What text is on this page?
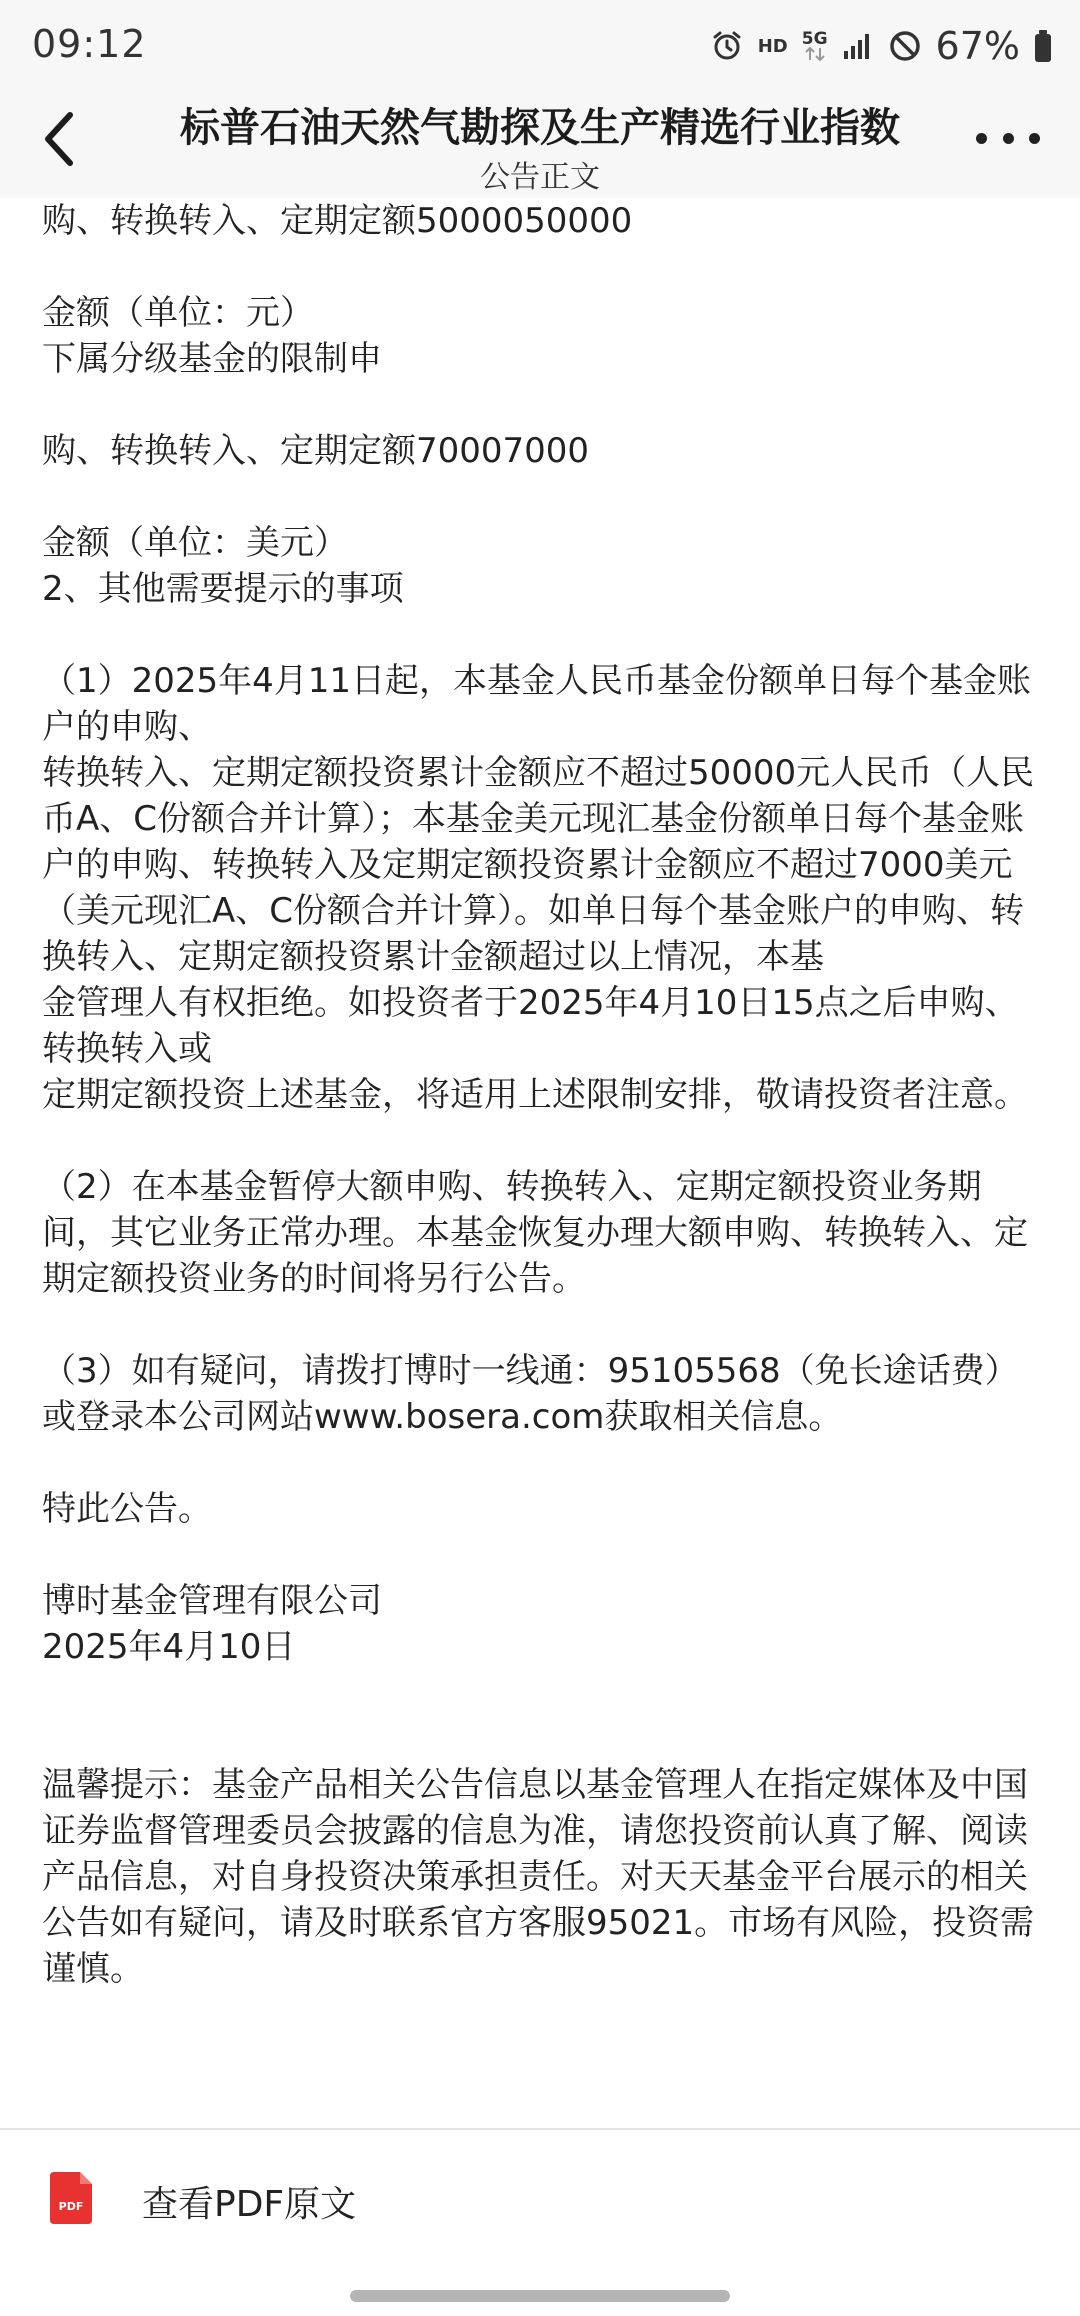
09:12	HD 5G	67%
标普石油天然气勘探及生产精选行业指数
公告正文

购、转换转入、定期定额5000050000

金额（单位：元）

下属分级基金的限制申

购、转换转入、定期定额70007000

金额（单位：美元）

2、其他需要提示的事项

（1）2025年4月11日起，本基金人民币基金份额单日每个基金账户的申购、

转换转入、定期定额投资累计金额应不超过50000元人民币（人民币A、C份额合并计算）；本基金美元现汇基金份额单日每个基金账户的申购、转换转入及定期定额投资累计金额应不超过7000美元（美元现汇A、C份额合并计算）。如单日每个基金账户的申购、转换转入、定期定额投资累计金额超过以上情况，本基

金管理人有权拒绝。如投资者于2025年4月10日15点之后申购、转换转入或

定期定额投资上述基金，将适用上述限制安排，敬请投资者注意。

（2）在本基金暂停大额申购、转换转入、定期定额投资业务期间，其它业务正常办理。本基金恢复办理大额申购、转换转入、定期定额投资业务的时间将另行公告。

（3）如有疑问，请拨打博时一线通：95105568（免长途话费）或登录本公司网站www.bosera.com获取相关信息。

特此公告。

博时基金管理有限公司

2025年4月10日

温馨提示：基金产品相关公告信息以基金管理人在指定媒体及中国证券监督管理委员会披露的信息为准，请您投资前认真了解、阅读产品信息，对自身投资决策承担责任。对天天基金平台展示的相关公告如有疑问，请及时联系官方客服95021。市场有风险，投资需谨慎。

PDF 查看PDF原文
